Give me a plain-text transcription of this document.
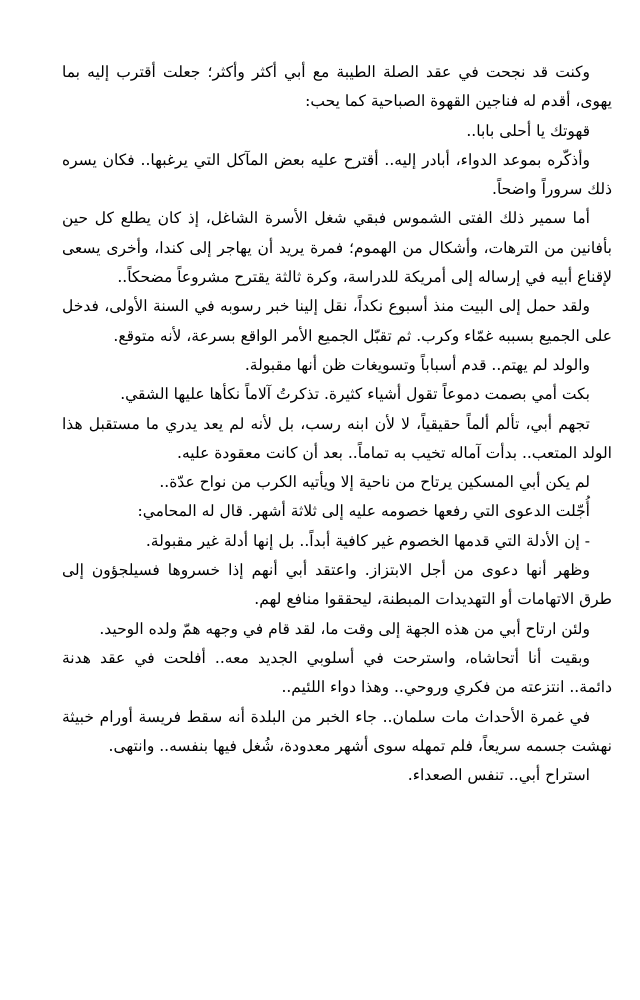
وكنت قد نجحت في عقد الصلة الطيبة مع أبي أكثر وأكثر؛ جعلت أقترب إليه بما يهوى، أقدم له فناجين القهوة الصباحية كما يحب:

قهوتك يا أحلى بابا..

وأذكّره بموعد الدواء، أبادر إليه.. أقترح عليه بعض المآكل التي يرغبها.. فكان يسره ذلك سروراً واضحاً.

أما سمير ذلك الفتى الشموس فبقي شغل الأسرة الشاغل، إذ كان يطلع كل حين بأفانين من الترهات، وأشكال من الهموم؛ فمرة يريد أن يهاجر إلى كندا، وأخرى يسعى لإقناع أبيه في إرساله إلى أمريكة للدراسة، وكرة ثالثة يقترح مشروعاً مضحكاً..

ولقد حمل إلى البيت منذ أسبوع نكداً، نقل إلينا خبر رسوبه في السنة الأولى، فدخل على الجميع بسببه غمّاء وكرب. ثم تقبّل الجميع الأمر الواقع بسرعة، لأنه متوقع.

والولد لم يهتم.. قدم أسباباً وتسويغات ظن أنها مقبولة.

بكت أمي بصمت دموعاً تقول أشياء كثيرة. تذكرتُ آلاماً نكأها عليها الشقي.

تجهم أبي، تألم ألماً حقيقياً، لا لأن ابنه رسب، بل لأنه لم يعد يدري ما مستقبل هذا الولد المتعب.. بدأت آماله تخيب به تماماً.. بعد أن كانت معقودة عليه.

لم يكن أبي المسكين يرتاح من ناحية إلا ويأتيه الكرب من نواح عدّة..

أُجّلت الدعوى التي رفعها خصومه عليه إلى ثلاثة أشهر. قال له المحامي:

- إن الأدلة التي قدمها الخصوم غير كافية أبداً.. بل إنها أدلة غير مقبولة.

وظهر أنها دعوى من أجل الابتزاز. واعتقد أبي أنهم إذا خسروها فسيلجؤون إلى طرق الاتهامات أو التهديدات المبطنة، ليحققوا منافع لهم.

ولئن ارتاح أبي من هذه الجهة إلى وقت ما، لقد قام في وجهه همّ ولده الوحيد.

وبقيت أنا أتحاشاه، واسترحت في أسلوبي الجديد معه.. أفلحت في عقد هدنة دائمة.. انتزعته من فكري وروحي.. وهذا دواء اللئيم..

في غمرة الأحداث مات سلمان.. جاء الخبر من البلدة أنه سقط فريسة أورام خبيثة نهشت جسمه سريعاً، فلم تمهله سوى أشهر معدودة، شُغل فيها بنفسه.. وانتهى.

استراح أبي.. تنفس الصعداء.
